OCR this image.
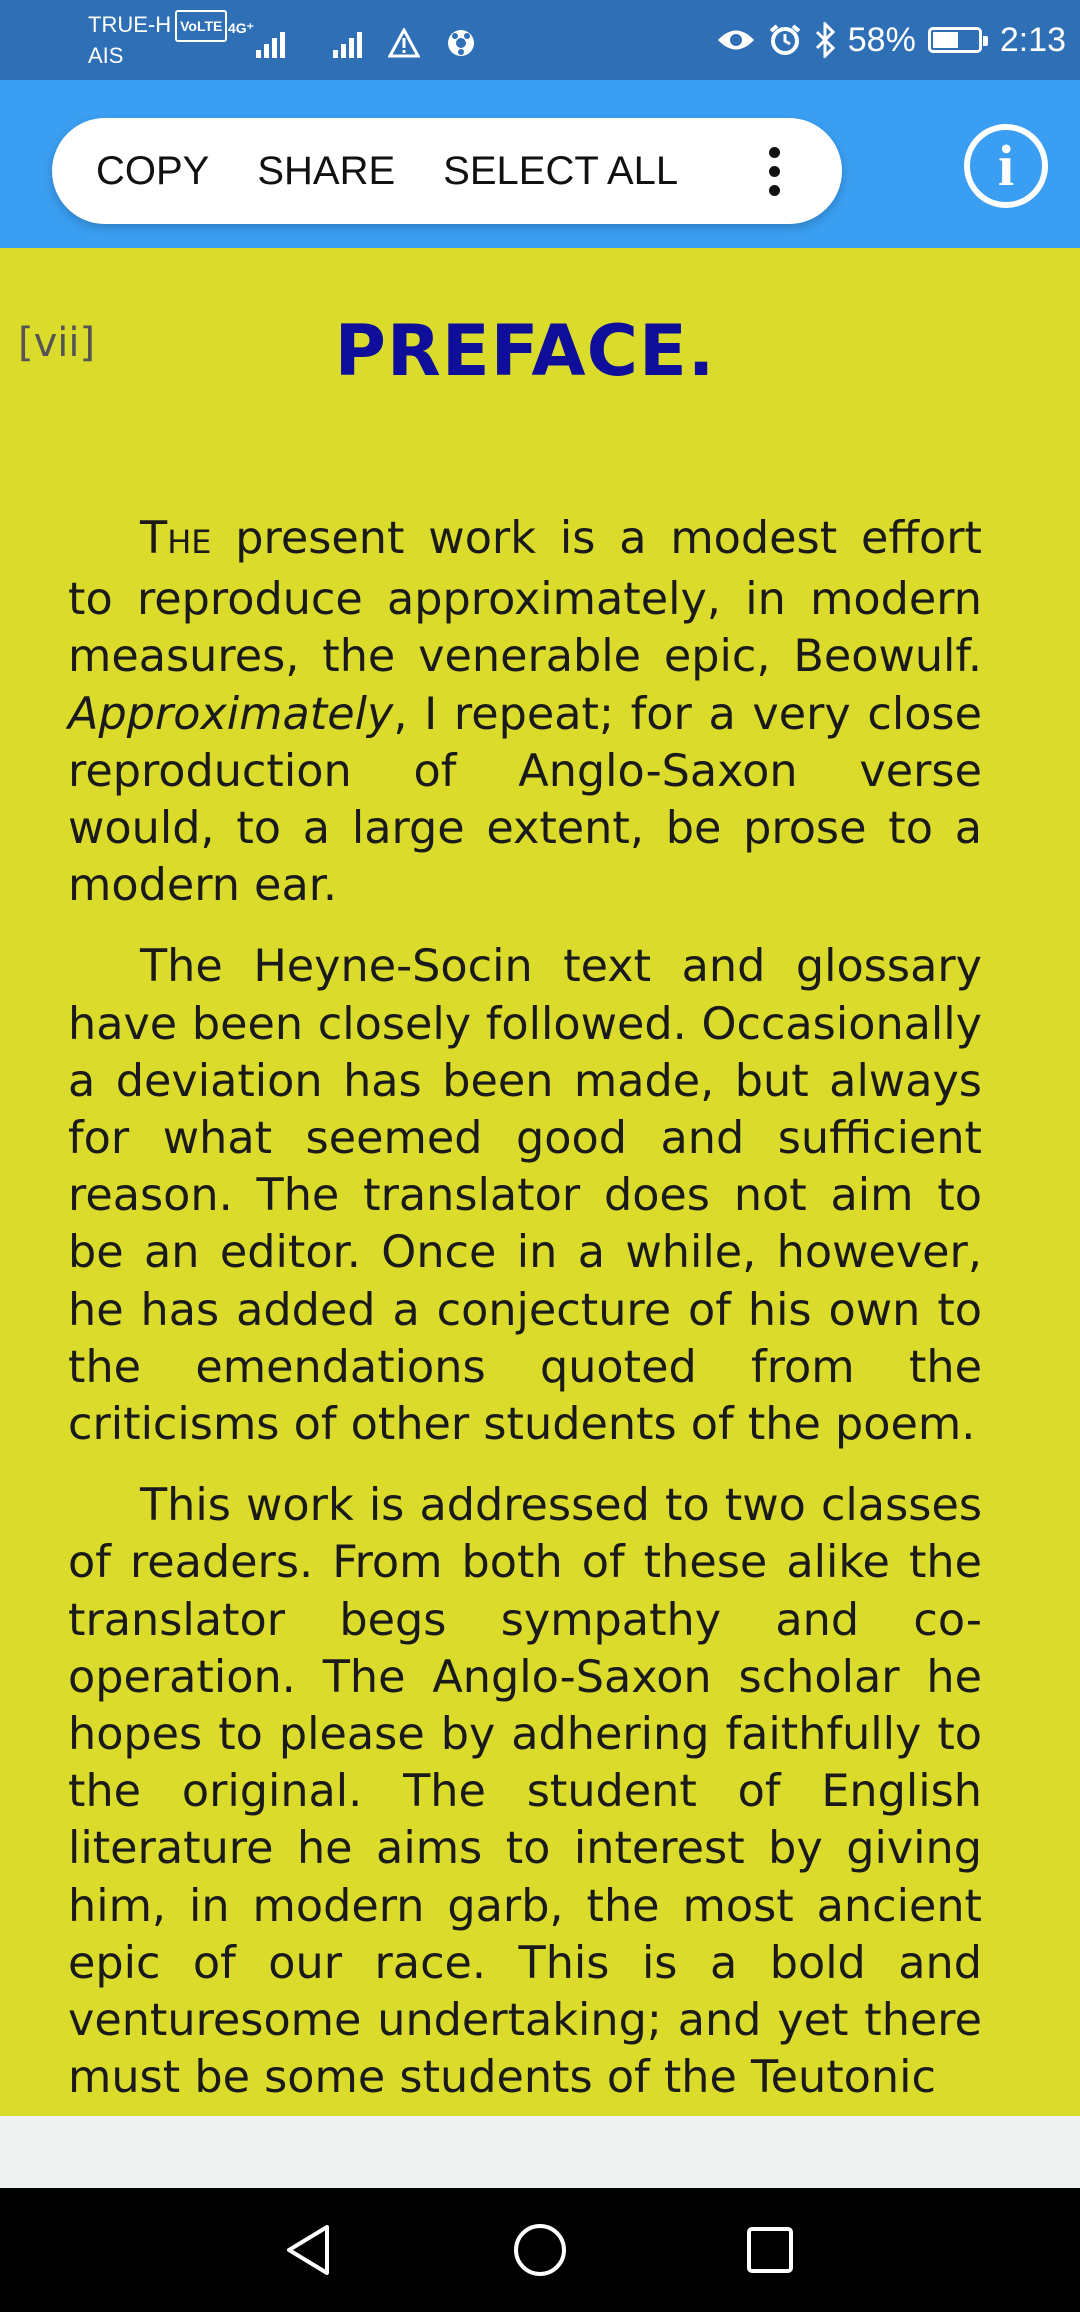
TRUE-H VoLTE
AIS
4G⁺	58% 2:13
COPY	SHARE	SELECT ALL	i
[vii]	PREFACE.

THE present work is a modest effort to reproduce approximately, in modern measures, the venerable epic, Beowulf. Approximately, I repeat; for a very close reproduction of Anglo-Saxon verse would, to a large extent, be prose to a modern ear.

The Heyne-Socin text and glossary have been closely followed. Occasionally a deviation has been made, but always for what seemed good and sufficient reason. The translator does not aim to be an editor. Once in a while, however, he has added a conjecture of his own to the emendations quoted from the criticisms of other students of the poem.

This work is addressed to two classes of readers. From both of these alike the translator begs sympathy and co-operation. The Anglo-Saxon scholar he hopes to please by adhering faithfully to the original. The student of English literature he aims to interest by giving him, in modern garb, the most ancient epic of our race. This is a bold and venturesome undertaking; and yet there must be some students of the Teutonic
